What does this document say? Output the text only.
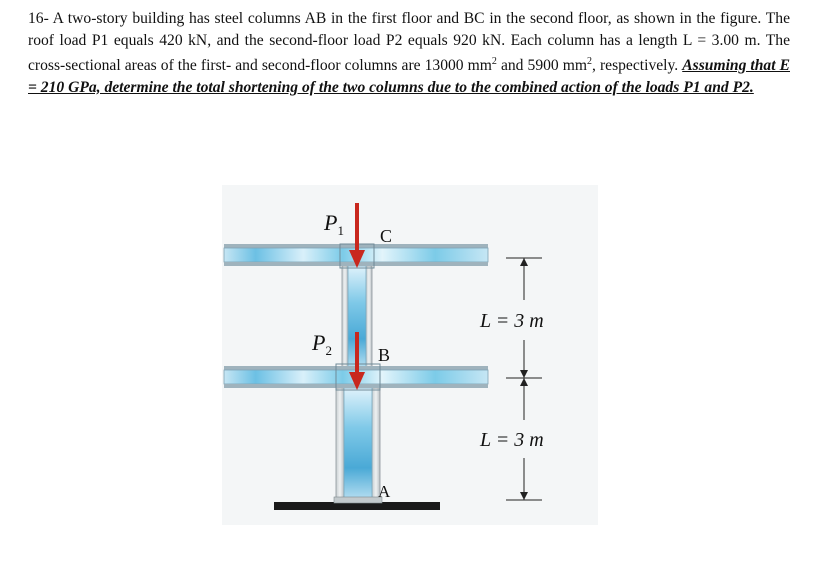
16- A two-story building has steel columns AB in the first floor and BC in the second floor, as shown in the figure. The roof load P1 equals 420 kN, and the second-floor load P2 equals 920 kN. Each column has a length L = 3.00 m. The cross-sectional areas of the first- and second-floor columns are 13000 $mm^2$ and 5900 $mm^2$, respectively. Assuming that E = 210 GPa, determine the total shortening of the two columns due to the combined action of the loads P1 and P2.
$P_1$
$P_2$
C
B
A
L = 3 m
L = 3 m
